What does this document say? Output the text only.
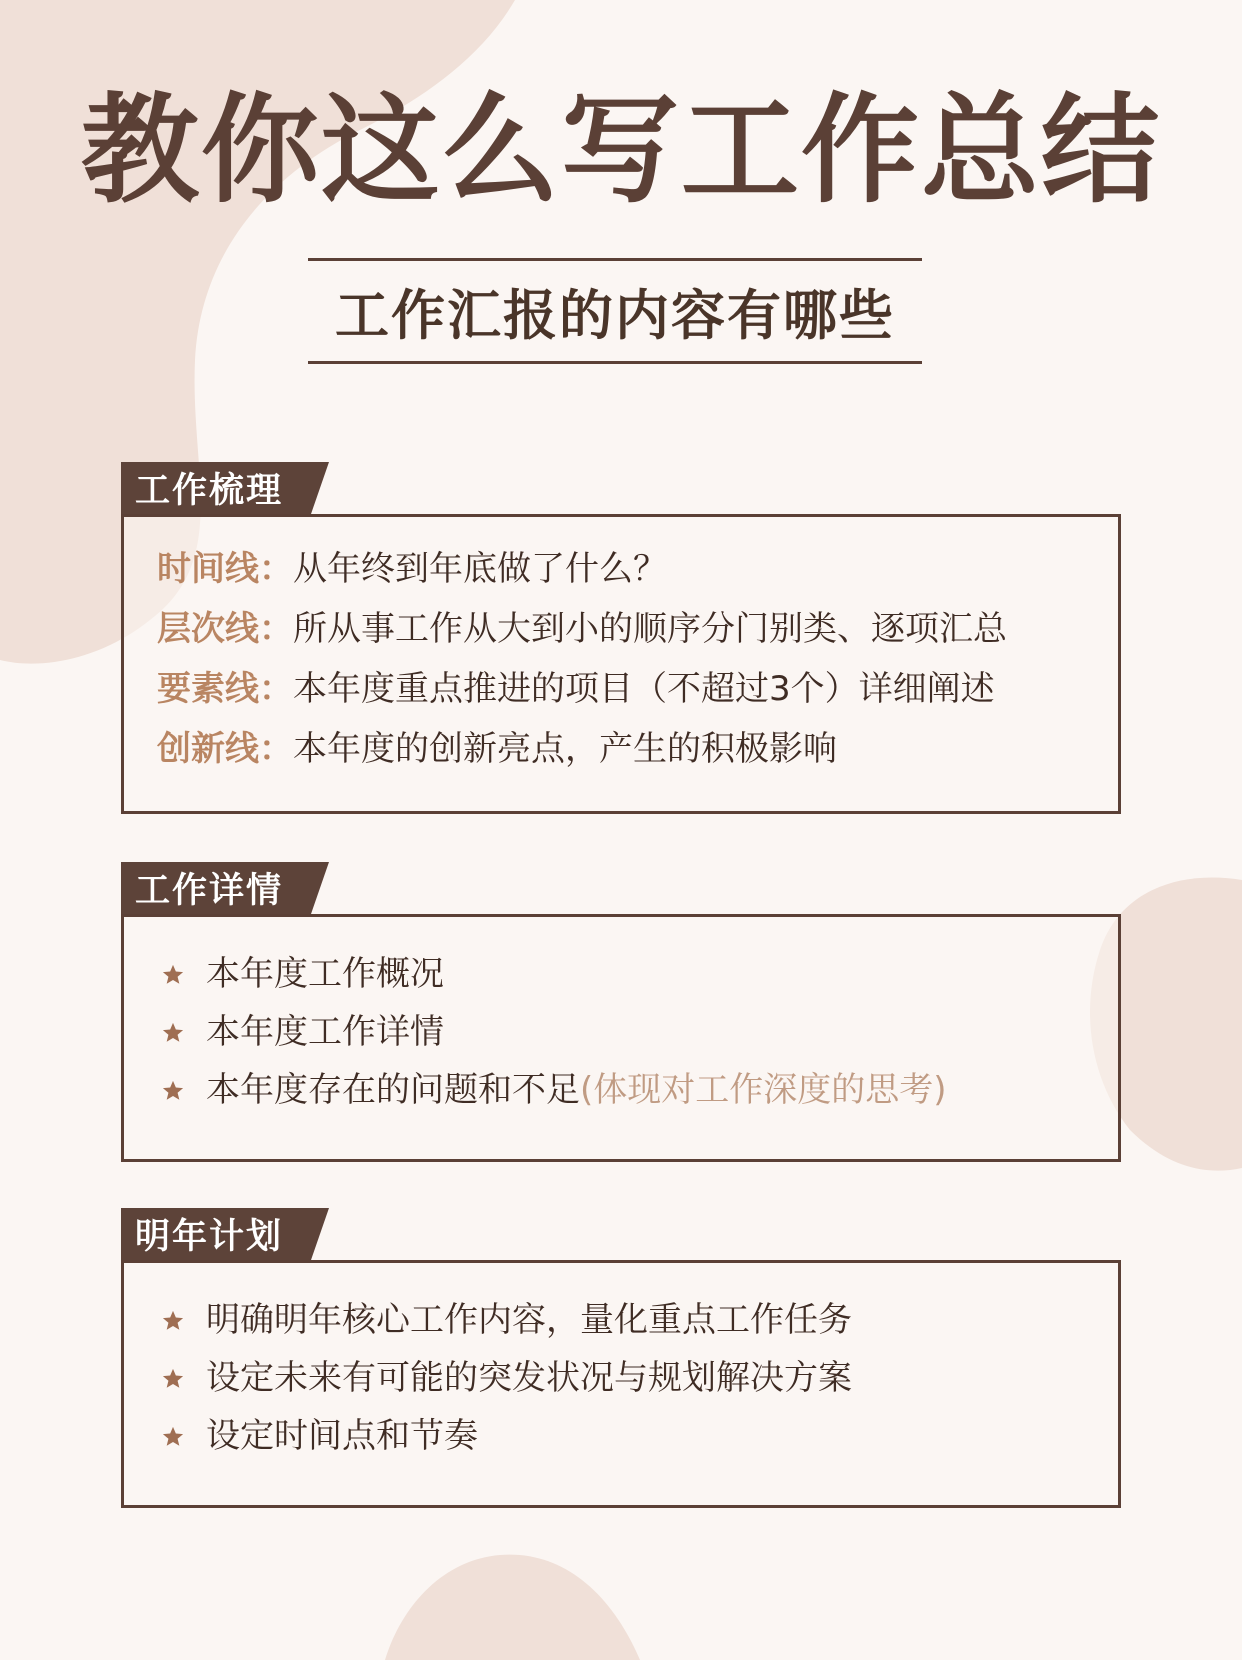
教你这么写工作总结
工作汇报的内容有哪些
工作梳理
时间线：从年终到年底做了什么？
层次线：所从事工作从大到小的顺序分门别类、逐项汇总
要素线：本年度重点推进的项目（不超过3个）详细阐述
创新线：本年度的创新亮点，产生的积极影响
工作详情
本年度工作概况
本年度工作详情
本年度存在的问题和不足(体现对工作深度的思考)
明年计划
明确明年核心工作内容，量化重点工作任务
设定未来有可能的突发状况与规划解决方案
设定时间点和节奏
